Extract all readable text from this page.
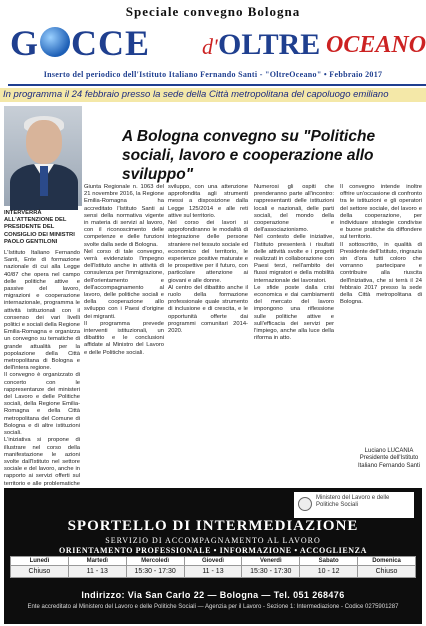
Speciale convegno Bologna
G CCE d' OLTRE OCEANO
Inserto del periodico dell'Istituto Italiano Fernando Santi - "OltreOceano" • Febbraio 2017
In programma il 24 febbraio presso la sede della Città metropolitana del capoluogo emiliano
Photo: Stefania
A Bologna convegno su "Politiche sociali, lavoro e cooperazione allo sviluppo"
INTERVERRÀ ALL'ATTENZIONE DEL PRESIDENTE DEL CONSIGLIO DEI MINISTRI PAOLO GENTILONI

L'Istituto Italiano Fernando Santi, Ente di formazione nazionale di cui alla Legge 40/87 che opera nel campo delle politiche attive e passive del lavoro, migrazioni e cooperazione internazionale, programma le attività istituzionali con il consenso dei vari livelli politici e sociali della Regione Emilia-Romagna e organizza un convegno su tematiche di grande attualità per la popolazione della Città metropolitana di Bologna e dell'intera regione.

Il convegno è organizzato di concerto con le rappresentanze dei ministeri del Lavoro e delle Politiche sociali, della Regione Emilia-Romagna e della Città metropolitana del Comune di Bologna e di altre istituzioni sociali.

L'iniziativa si propone di illustrare nel corso della manifestazione le azioni svolte dall'Istituto nel settore sociale e del lavoro, anche in rapporto ai servizi offerti sul territorio e alle problematiche

Giunta Regionale n. 1063 del 21 novembre 2016, la Regione Emilia-Romagna ha accreditato l'Istituto Santi ai sensi della normativa vigente in materia di servizi al lavoro, con il riconoscimento delle competenze e delle funzioni svolte dalla sede di Bologna.

Nel corso di tale convegno, verrà evidenziato l'impegno dell'Istituto anche in attività di consulenza per l'immigrazione, dell'orientamento e dell'accompagnamento al lavoro, delle politiche sociali e della cooperazione allo sviluppo con i Paesi d'origine dei migranti.

Il programma prevede interventi istituzionali, un dibattito e le conclusioni affidate al Ministro del Lavoro e delle Politiche sociali.

sviluppo, con una attenzione approfondita agli strumenti messi a disposizione dalla Legge 125/2014 e alle reti attive sul territorio.

Nel corso dei lavori si approfondiranno le modalità di integrazione delle persone straniere nel tessuto sociale ed economico del territorio, le esperienze positive maturate e le prospettive per il futuro, con particolare attenzione ai giovani e alle donne.

Al centro del dibattito anche il ruolo della formazione professionale quale strumento di inclusione e di crescita, e le opportunità offerte dai programmi comunitari 2014-2020.

Numerosi gli ospiti che prenderanno parte all'incontro: rappresentanti delle istituzioni locali e nazionali, delle parti sociali, del mondo della cooperazione e dell'associazionismo.

Nel contesto delle iniziative, l'Istituto presenterà i risultati delle attività svolte e i progetti realizzati in collaborazione con Paesi terzi, nell'ambito dei flussi migratori e della mobilità internazionale dei lavoratori.

Le sfide poste dalla crisi economica e dai cambiamenti del mercato del lavoro impongono una riflessione sulle politiche attive e sull'efficacia dei servizi per l'impiego, anche alla luce della riforma in atto.

Il convegno intende inoltre offrire un'occasione di confronto tra le istituzioni e gli operatori del settore sociale, del lavoro e della cooperazione, per individuare strategie condivise e buone pratiche da diffondere sul territorio.

Il sottoscritto, in qualità di Presidente dell'Istituto, ringrazia sin d'ora tutti coloro che vorranno partecipare e contribuire alla riuscita dell'iniziativa, che si terrà il 24 febbraio 2017 presso la sede della Città metropolitana di Bologna.

Luciano LUCANIA
Presidente dell'Istituto Italiano Fernando Santi
Ministero del Lavoro e delle Politiche Sociali
SPORTELLO DI INTERMEDIAZIONE
SERVIZIO DI ACCOMPAGNAMENTO AL LAVORO
ORIENTAMENTO PROFESSIONALE • INFORMAZIONE • ACCOGLIENZA
Lunedì	Martedì	Mercoledì	Giovedì	Venerdì	Sabato	Domenica
Chiuso	11 - 13	15:30 - 17:30	11 - 13	15:30 - 17:30	10 - 12	Chiuso
Indirizzo: Via San Carlo 22 — Bologna — Tel. 051 268476
Ente accreditato al Ministero del Lavoro e delle Politiche Sociali — Agenzia per il Lavoro - Sezione 1: Intermediazione - Codice 0275901287
